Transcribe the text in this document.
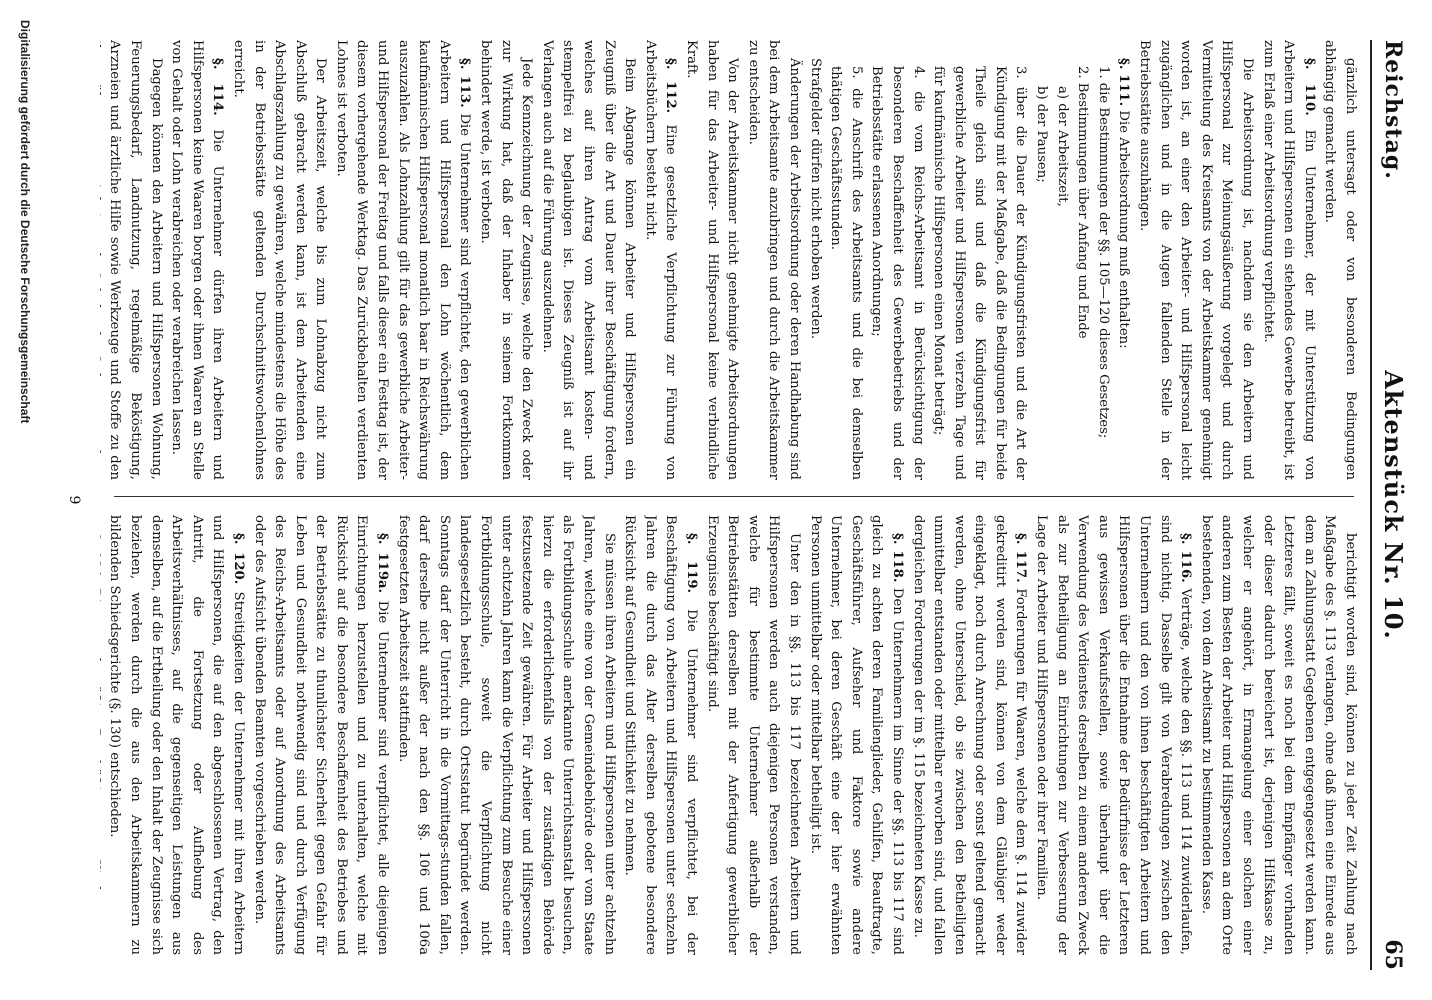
Reichstag.
Aktenstück Nr. 10.
65

gänzlich untersagt oder von besonderen Bedingungen abhängig gemacht werden.

§. 110. Ein Unternehmer, der mit Unterstützung von Arbeitern und Hilfspersonen ein stehendes Gewerbe betreibt, ist zum Erlaß einer Arbeitsordnung verpflichtet.

Die Arbeitsordnung ist, nachdem sie den Arbeitern und Hilfspersonal zur Meinungsäußerung vorgelegt und durch Vermittelung des Kreisamts von der Arbeitskammer genehmigt worden ist, an einer den Arbeiter- und Hilfspersonal leicht zugänglichen und in die Augen fallenden Stelle in der Betriebsstätte auszuhängen.

§. 111. Die Arbeitsordnung muß enthalten:

1. die Bestimmungen der §§. 105—120 dieses Gesetzes;

2. Bestimmungen über Anfang und Ende

a) der Arbeitszeit,

b) der Pausen;

3. über die Dauer der Kündigungsfristen und die Art der Kündigung mit der Maßgabe, daß die Bedingungen für beide Theile gleich sind und daß die Kündigungsfrist für gewerbliche Arbeiter und Hilfspersonen vierzehn Tage und für kaufmännische Hilfspersonen einen Monat beträgt;

4. die vom Reichs-Arbeitsamt in Berücksichtigung der besonderen Beschaffenheit des Gewerbebetriebs und der Betriebsstätte erlassenen Anordnungen;

5. die Anschrift des Arbeitsamts und die bei demselben thätigen Geschäftsstunden.

Strafgelder dürfen nicht erhoben werden.

Änderungen der Arbeitsordnung oder deren Handhabung sind bei dem Arbeitsamte anzubringen und durch die Arbeitskammer zu entscheiden.

Von der Arbeitskammer nicht genehmigte Arbeitsordnungen haben für das Arbeiter- und Hilfspersonal keine verbindliche Kraft.

§. 112. Eine gesetzliche Verpflichtung zur Führung von Arbeitsbüchern besteht nicht.

Beim Abgange können Arbeiter und Hilfspersonen ein Zeugniß über die Art und Dauer ihrer Beschäftigung fordern, welches auf ihren Antrag vom Arbeitsamt kosten- und stempelfrei zu beglaubigen ist. Dieses Zeugniß ist auf ihr Verlangen auch auf die Führung auszudehnen.

Jede Kennzeichnung der Zeugnisse, welche den Zweck oder zur Wirkung hat, daß der Inhaber in seinem Fortkommen behindert werde, ist verboten.

§. 113. Die Unternehmer sind verpflichtet, den gewerblichen Arbeitern und Hilfspersonal den Lohn wöchentlich, dem kaufmännischen Hilfspersonal monatlich baar in Reichswährung auszuzahlen. Als Lohnzahlung gilt für das gewerbliche Arbeiter- und Hilfspersonal der Freitag und falls dieser ein Festtag ist, der diesem vorhergehende Werktag. Das Zurückbehalten verdienten Lohnes ist verboten.

Der Arbeitszeit, welche bis zum Lohnabzug nicht zum Abschluß gebracht werden kann, ist dem Arbeitenden eine Abschlagszahlung zu gewähren, welche mindestens die Höhe des in der Betriebsstätte geltenden Durchschnittswochenlohnes erreicht.

§. 114. Die Unternehmer dürfen ihren Arbeitern und Hilfspersonen keine Waaren borgen oder ihnen Waaren an Stelle von Gehalt oder Lohn verabreichen oder verabreichen lassen.

Dagegen können den Arbeitern und Hilfspersonen Wohnung, Feuerungsbedarf, Landnutzung, regelmäßige Beköstigung, Arzneien und ärztliche Hilfe sowie Werkzeuge und Stoffe zu den

berichtigt worden sind, können zu jeder Zeit Zahlung nach Maßgabe des §. 113 verlangen, ohne daß ihnen eine Einrede aus dem an Zahlungsstatt Gegebenen entgegengesetzt werden kann. Letzteres fällt, soweit es noch bei dem Empfänger vorhanden oder dieser dadurch bereichert ist, derjenigen Hilfskasse zu, welcher er angehört, in Ermangelung einer solchen einer anderen zum Besten der Arbeiter und Hilfspersonen an dem Orte bestehenden, von dem Arbeitsamt zu bestimmenden Kasse.

§. 116. Verträge, welche den §§. 113 und 114 zuwiderlaufen, sind nichtig. Dasselbe gilt von Verabredungen zwischen den Unternehmern und den von ihnen beschäftigten Arbeitern und Hilfspersonen über die Entnahme der Bedürfnisse der Letzteren aus gewissen Verkaufsstellen, sowie überhaupt über die Verwendung des Verdienstes derselben zu einem anderen Zweck als zur Betheiligung an Einrichtungen zur Verbesserung der Lage der Arbeiter und Hilfspersonen oder ihrer Familien.

§. 117. Forderungen für Waaren, welche dem §. 114 zuwider gekreditirt worden sind, können von dem Gläubiger weder eingeklagt, noch durch Anrechnung oder sonst geltend gemacht werden, ohne Unterschied, ob sie zwischen den Betheiligten unmittelbar entstanden oder mittelbar erworben sind, und fallen dergleichen Forderungen der im §. 115 bezeichneten Kasse zu.

§. 118. Den Unternehmern im Sinne der §§. 113 bis 117 sind gleich zu achten deren Familienglieder, Gehilfen, Beauftragte, Geschäftsführer, Aufseher und Faktore sowie andere Unternehmer, bei deren Geschäft eine der hier erwähnten Personen unmittelbar oder mittelbar betheiligt ist.

Unter den in §§. 113 bis 117 bezeichneten Arbeitern und Hilfspersonen werden auch diejenigen Personen verstanden, welche für bestimmte Unternehmer außerhalb der Betriebsstätten derselben mit der Anfertigung gewerblicher Erzeugnisse beschäftigt sind.

§. 119. Die Unternehmer sind verpflichtet, bei der Beschäftigung von Arbeitern und Hilfspersonen unter sechzehn Jahren die durch das Alter derselben gebotene besondere Rücksicht auf Gesundheit und Sittlichkeit zu nehmen.

Sie müssen ihren Arbeitern und Hilfspersonen unter achtzehn Jahren, welche eine von der Gemeindebehörde oder vom Staate als Fortbildungsschule anerkannte Unterrichtsanstalt besuchen, hierzu die erforderlichenfalls von der zuständigen Behörde festzusetzende Zeit gewähren. Für Arbeiter und Hilfspersonen unter achtzehn Jahren kann die Verpflichtung zum Besuche einer Fortbildungsschule, soweit die Verpflichtung nicht landesgesetzlich besteht, durch Ortsstatut begründet werden. Sonntags darf der Unterricht in die Vormittags-stunden fallen, darf derselbe nicht außer der nach den §§. 106 und 106a festgesetzten Arbeitszeit stattfinden.

§. 119a. Die Unternehmer sind verpflichtet, alle diejenigen Einrichtungen herzustellen und zu unterhalten, welche mit Rücksicht auf die besondere Beschaffenheit des Betriebes und der Betriebsstätte zu thunlichster Sicherheit gegen Gefahr für Leben und Gesundheit nothwendig sind und durch Verfügung des Reichs-Arbeitsamts oder auf Anordnung des Arbeitsamts oder des Aufsicht übenden Beamten vorgeschrieben werden.

§. 120. Streitigkeiten der Unternehmer mit ihren Arbeitern und Hilfspersonen, die auf den abgeschlossenen Vertrag, den Antritt, die Fortsetzung oder Aufhebung des Arbeitsverhältnisses, auf die gegenseitigen Leistungen aus demselben, auf die Ertheilung oder den Inhalt der Zeugnisse sich beziehen, werden durch die aus den Arbeitskammern zu bildenden Schiedsgerichte (§. 130) entschieden.

9
Digitalisierung gefördert durch die Deutsche Forschungsgemeinschaft
